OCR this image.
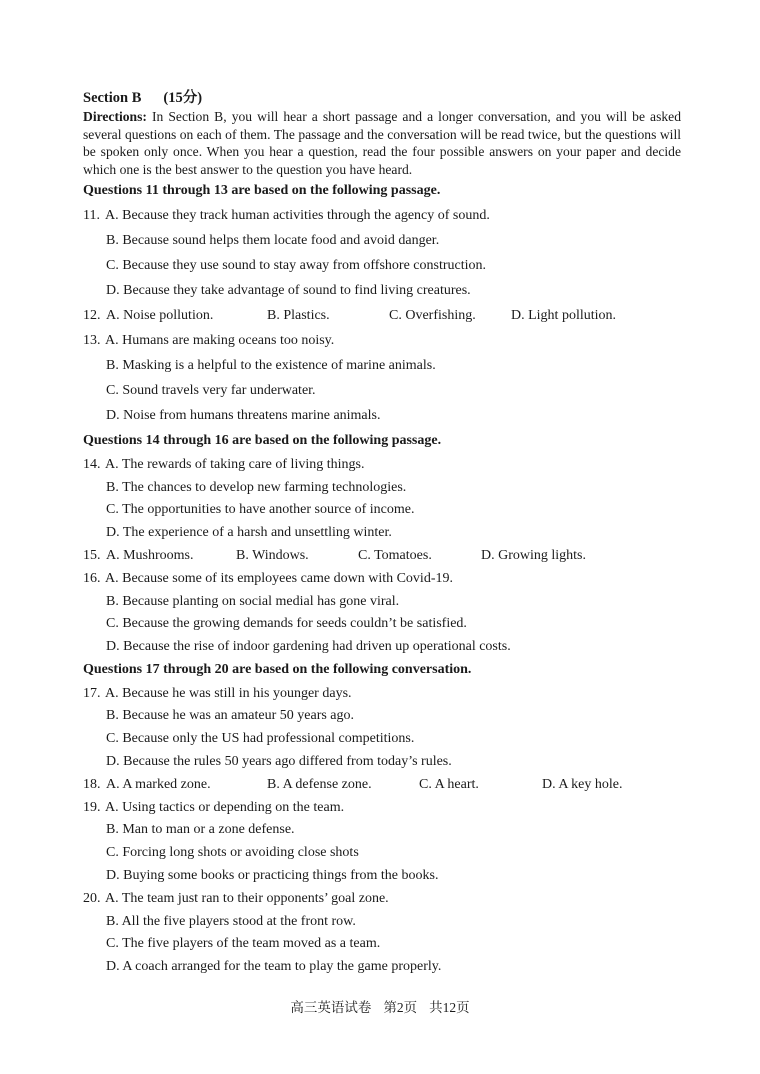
Section B (15分)
Directions: In Section B, you will hear a short passage and a longer conversation, and you will be asked several questions on each of them. The passage and the conversation will be read twice, but the questions will be spoken only once. When you hear a question, read the four possible answers on your paper and decide which one is the best answer to the question you have heard.
Questions 11 through 13 are based on the following passage.
11. A. Because they track human activities through the agency of sound.
B. Because sound helps them locate food and avoid danger.
C. Because they use sound to stay away from offshore construction.
D. Because they take advantage of sound to find living creatures.
12. A. Noise pollution.	B. Plastics.	C. Overfishing.	D. Light pollution.
13. A. Humans are making oceans too noisy.
B. Masking is a helpful to the existence of marine animals.
C. Sound travels very far underwater.
D. Noise from humans threatens marine animals.
Questions 14 through 16 are based on the following passage.
14. A. The rewards of taking care of living things.
B. The chances to develop new farming technologies.
C. The opportunities to have another source of income.
D. The experience of a harsh and unsettling winter.
15. A. Mushrooms.	B. Windows.	C. Tomatoes.	D. Growing lights.
16. A. Because some of its employees came down with Covid-19.
B. Because planting on social medial has gone viral.
C. Because the growing demands for seeds couldn’t be satisfied.
D. Because the rise of indoor gardening had driven up operational costs.
Questions 17 through 20 are based on the following conversation.
17. A. Because he was still in his younger days.
B. Because he was an amateur 50 years ago.
C. Because only the US had professional competitions.
D. Because the rules 50 years ago differed from today’s rules.
18. A. A marked zone.	B. A defense zone.	C. A heart.	D. A key hole.
19. A. Using tactics or depending on the team.
B. Man to man or a zone defense.
C. Forcing long shots or avoiding close shots
D. Buying some books or practicing things from the books.
20. A. The team just ran to their opponents’ goal zone.
B. All the five players stood at the front row.
C. The five players of the team moved as a team.
D. A coach arranged for the team to play the game properly.
高三英语试卷 第2页 共12页
